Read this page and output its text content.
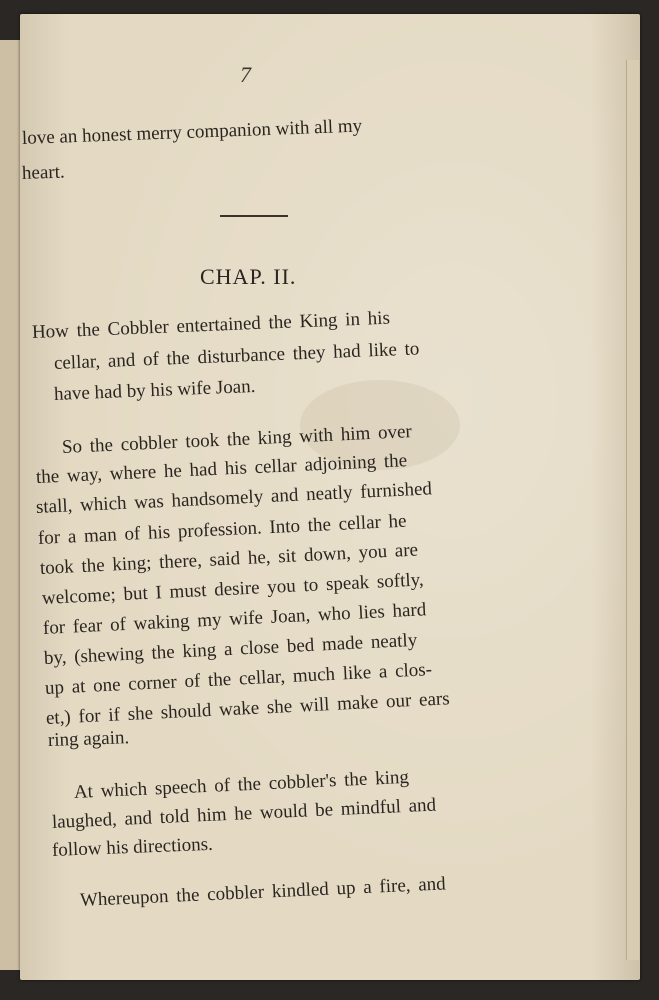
7
love an honest merry companion with all my
heart.
CHAP. II.
How the Cobbler entertained the King in his
cellar, and of the disturbance they had like to
have had by his wife Joan.
So the cobbler took the king with him over
the way, where he had his cellar adjoining the
stall, which was handsomely and neatly furnished
for a man of his profession. Into the cellar he
took the king; there, said he, sit down, you are
welcome; but I must desire you to speak softly,
for fear of waking my wife Joan, who lies hard
by, (shewing the king a close bed made neatly
up at one corner of the cellar, much like a clos-
et,) for if she should wake she will make our ears
ring again.
At which speech of the cobbler's the king
laughed, and told him he would be mindful and
follow his directions.
Whereupon the cobbler kindled up a fire, and
